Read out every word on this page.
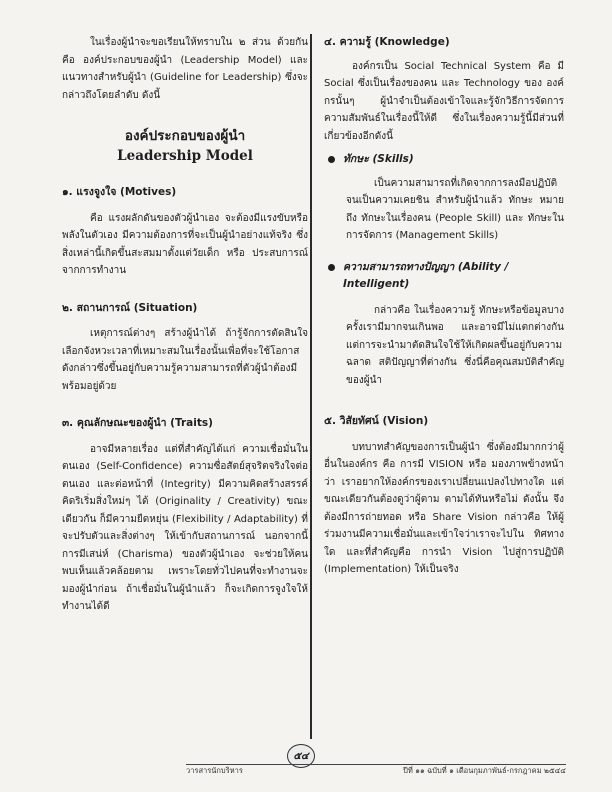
ในเรื่องผู้นำจะขอเรียนให้ทราบใน ๒ ส่วน ด้วยกันคือ องค์ประกอบของผู้นำ (Leadership Model) และแนวทางสำหรับผู้นำ (Guideline for Leadership) ซึ่งจะกล่าวถึงโดยลำดับ ดังนี้

องค์ประกอบของผู้นำ

Leadership Model

๑. แรงจูงใจ (Motives)

คือ แรงผลักดันของตัวผู้นำเอง จะต้องมีแรงขับหรือพลังในตัวเอง มีความต้องการที่จะเป็นผู้นำอย่างแท้จริง ซึ่งสิ่งเหล่านี้เกิดขึ้นสะสมมาตั้งแต่วัยเด็ก หรือ ประสบการณ์จากการทำงาน

๒. สถานการณ์ (Situation)

เหตุการณ์ต่างๆ สร้างผู้นำได้ ถ้ารู้จักการตัดสินใจเลือกจังหวะเวลาที่เหมาะสมในเรื่องนั้นเพื่อที่จะใช้โอกาสดังกล่าวซึ่งขึ้นอยู่กับความรู้ความสามารถที่ตัวผู้นำต้องมีพร้อมอยู่ด้วย

๓. คุณลักษณะของผู้นำ (Traits)

อาจมีหลายเรื่อง แต่ที่สำคัญได้แก่ ความเชื่อมั่นในตนเอง (Self-Confidence) ความซื่อสัตย์สุจริตจริงใจต่อตนเอง และต่อหน้าที่ (Integrity) มีความคิดสร้างสรรค์ คิดริเริ่มสิ่งใหม่ๆ ได้ (Originality / Creativity) ขณะเดียวกัน ก็มีความยืดหยุ่น (Flexibility / Adaptability) ที่จะปรับตัวและสิ่งต่างๆ ให้เข้ากับสถานการณ์ นอกจากนี้ การมีเสน่ห์ (Charisma) ของตัวผู้นำเอง จะช่วยให้คนพบเห็นแล้วคล้อยตาม เพราะโดยทั่วไปคนที่จะทำงานจะมองผู้นำก่อน ถ้าเชื่อมั่นในผู้นำแล้ว ก็จะเกิดการจูงใจให้ทำงานได้ดี

๔. ความรู้ (Knowledge)

องค์กรเป็น Social Technical System คือ มี Social ซึ่งเป็นเรื่องของคน และ Technology ของ องค์กรนั้นๆ ผู้นำจำเป็นต้องเข้าใจและรู้จักวิธีการจัดการความสัมพันธ์ในเรื่องนี้ให้ดี ซึ่งในเรื่องความรู้นี้มีส่วนที่เกี่ยวข้องอีกดังนี้

ทักษะ (Skills)

เป็นความสามารถที่เกิดจากการลงมือปฏิบัติจนเป็นความเคยชิน สำหรับผู้นำแล้ว ทักษะ หมายถึง ทักษะในเรื่องคน (People Skill) และ ทักษะในการจัดการ (Management Skills)

ความสามารถทางปัญญา (Ability / Intelligent)

กล่าวคือ ในเรื่องความรู้ ทักษะหรือข้อมูลบางครั้งเรามีมากจนเกินพอ และอาจมีไม่แตกต่างกัน แต่การจะนำมาตัดสินใจใช้ให้เกิดผลขึ้นอยู่กับความฉลาด สติปัญญาที่ต่างกัน ซึ่งนี่คือคุณสมบัติสำคัญของผู้นำ

๕. วิสัยทัศน์ (Vision)

บทบาทสำคัญของการเป็นผู้นำ ซึ่งต้องมีมากกว่าผู้อื่นในองค์กร คือ การมี VISION หรือ มองภาพข้างหน้าว่า เราอยากให้องค์กรของเราเปลี่ยนแปลงไปทางใด แต่ขณะเดียวกันต้องดูว่าผู้ตาม ตามได้ทันหรือไม่ ดังนั้น จึงต้องมีการถ่ายทอด หรือ Share Vision กล่าวคือ ให้ผู้ร่วมงานมีความเชื่อมั่นและเข้าใจว่าเราจะไปใน ทิศทางใด และที่สำคัญคือ การนำ Vision ไปสู่การปฏิบัติ (Implementation) ให้เป็นจริง

๕๔
วารสารนักบริหาร	ปีที่ ๑๑ ฉบับที่ ๑ เดือนกุมภาพันธ์-กรกฎาคม ๒๕๔๔
